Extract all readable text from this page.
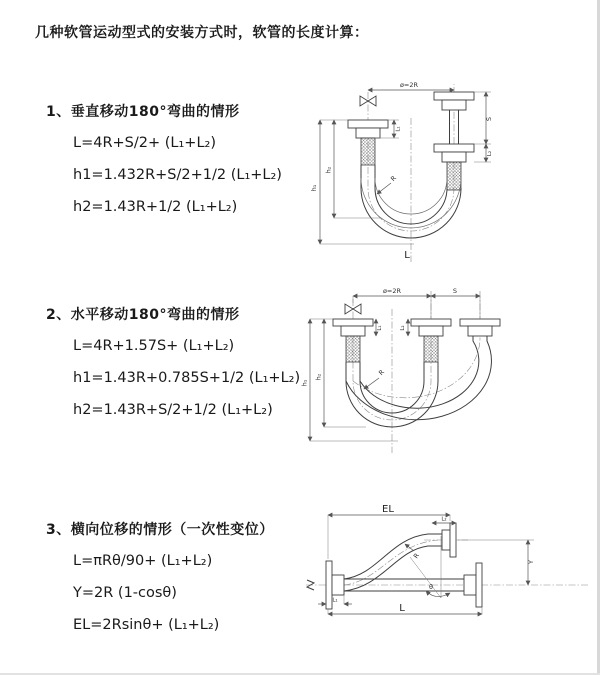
几种软管运动型式的安装方式时，软管的长度计算：
1、垂直移动180°弯曲的情形
L=4R+S/2+ (L₁+L₂)
h1=1.432R+S/2+1/2 (L₁+L₂)
h2=1.43R+1/2 (L₁+L₂)
2、水平移动180°弯曲的情形
L=4R+1.57S+ (L₁+L₂)
h1=1.43R+0.785S+1/2 (L₁+L₂)
h2=1.43R+S/2+1/2 (L₁+L₂)
3、横向位移的情形（一次性变位）
L=πRθ/90+ (L₁+L₂)
Y=2R (1-cosθ)
EL=2Rsinθ+ (L₁+L₂)
ø=2R
h₁
h₂
L₁
S
L₂
R
L
ø=2R	S
h₁
h₂
L₁	L₂
R
EL
L₂
Y
θ
R
L₁
L
